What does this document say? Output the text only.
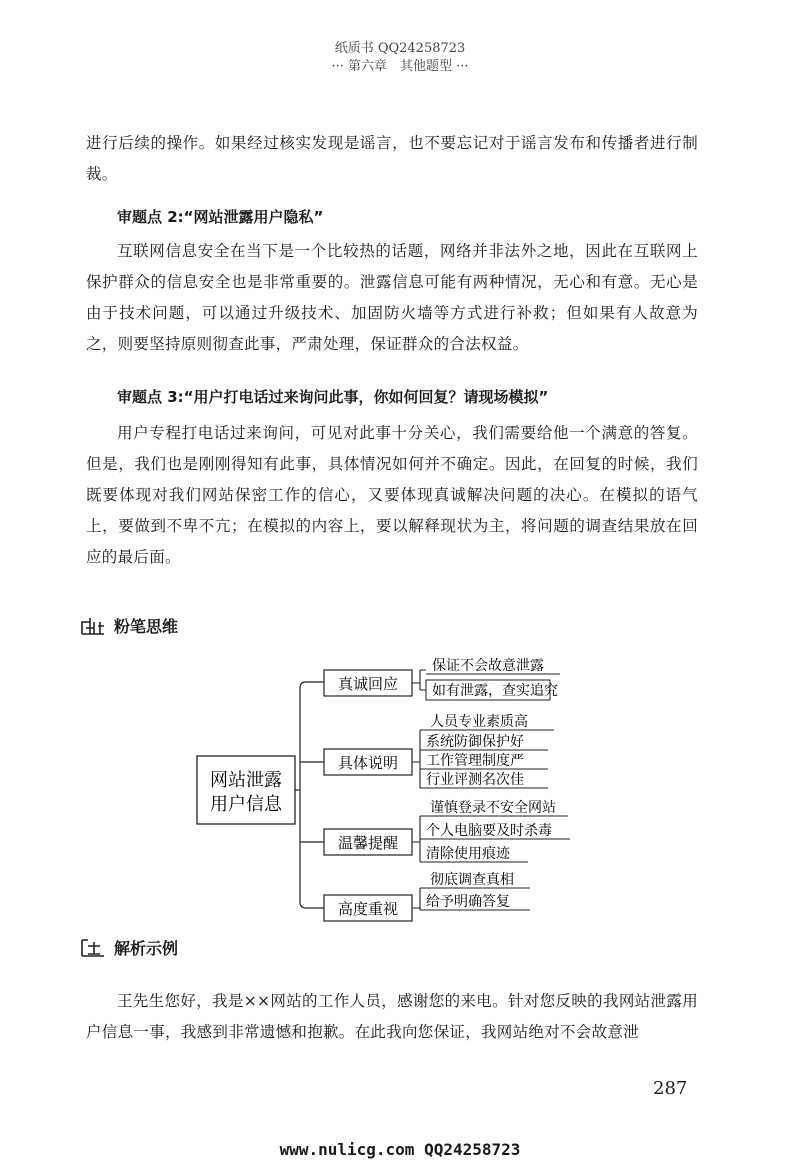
纸质书 QQ24258723
··· 第六章　其他题型 ···
进行后续的操作。如果经过核实发现是谣言，也不要忘记对于谣言发布和传播者进行制裁。
审题点 2:“网站泄露用户隐私”
互联网信息安全在当下是一个比较热的话题，网络并非法外之地，因此在互联网上保护群众的信息安全也是非常重要的。泄露信息可能有两种情况，无心和有意。无心是由于技术问题，可以通过升级技术、加固防火墙等方式进行补救；但如果有人故意为之，则要坚持原则彻查此事，严肃处理，保证群众的合法权益。
审题点 3:“用户打电话过来询问此事，你如何回复？请现场模拟”
用户专程打电话过来询问，可见对此事十分关心，我们需要给他一个满意的答复。但是，我们也是刚刚得知有此事，具体情况如何并不确定。因此，在回复的时候，我们既要体现对我们网站保密工作的信心，又要体现真诚解决问题的决心。在模拟的语气上，要做到不卑不亢；在模拟的内容上，要以解释现状为主，将问题的调查结果放在回应的最后面。
粉笔思维
网站泄露
用户信息
真诚回应
保证不会故意泄露
如有泄露，查实追究
具体说明
人员专业素质高
系统防御保护好
工作管理制度严
行业评测名次佳
温馨提醒
谨慎登录不安全网站
个人电脑要及时杀毒
清除使用痕迹
高度重视
彻底调查真相
给予明确答复
解析示例
王先生您好，我是××网站的工作人员，感谢您的来电。针对您反映的我网站泄露用户信息一事，我感到非常遗憾和抱歉。在此我向您保证，我网站绝对不会故意泄
287
www.nulicg.com QQ24258723
